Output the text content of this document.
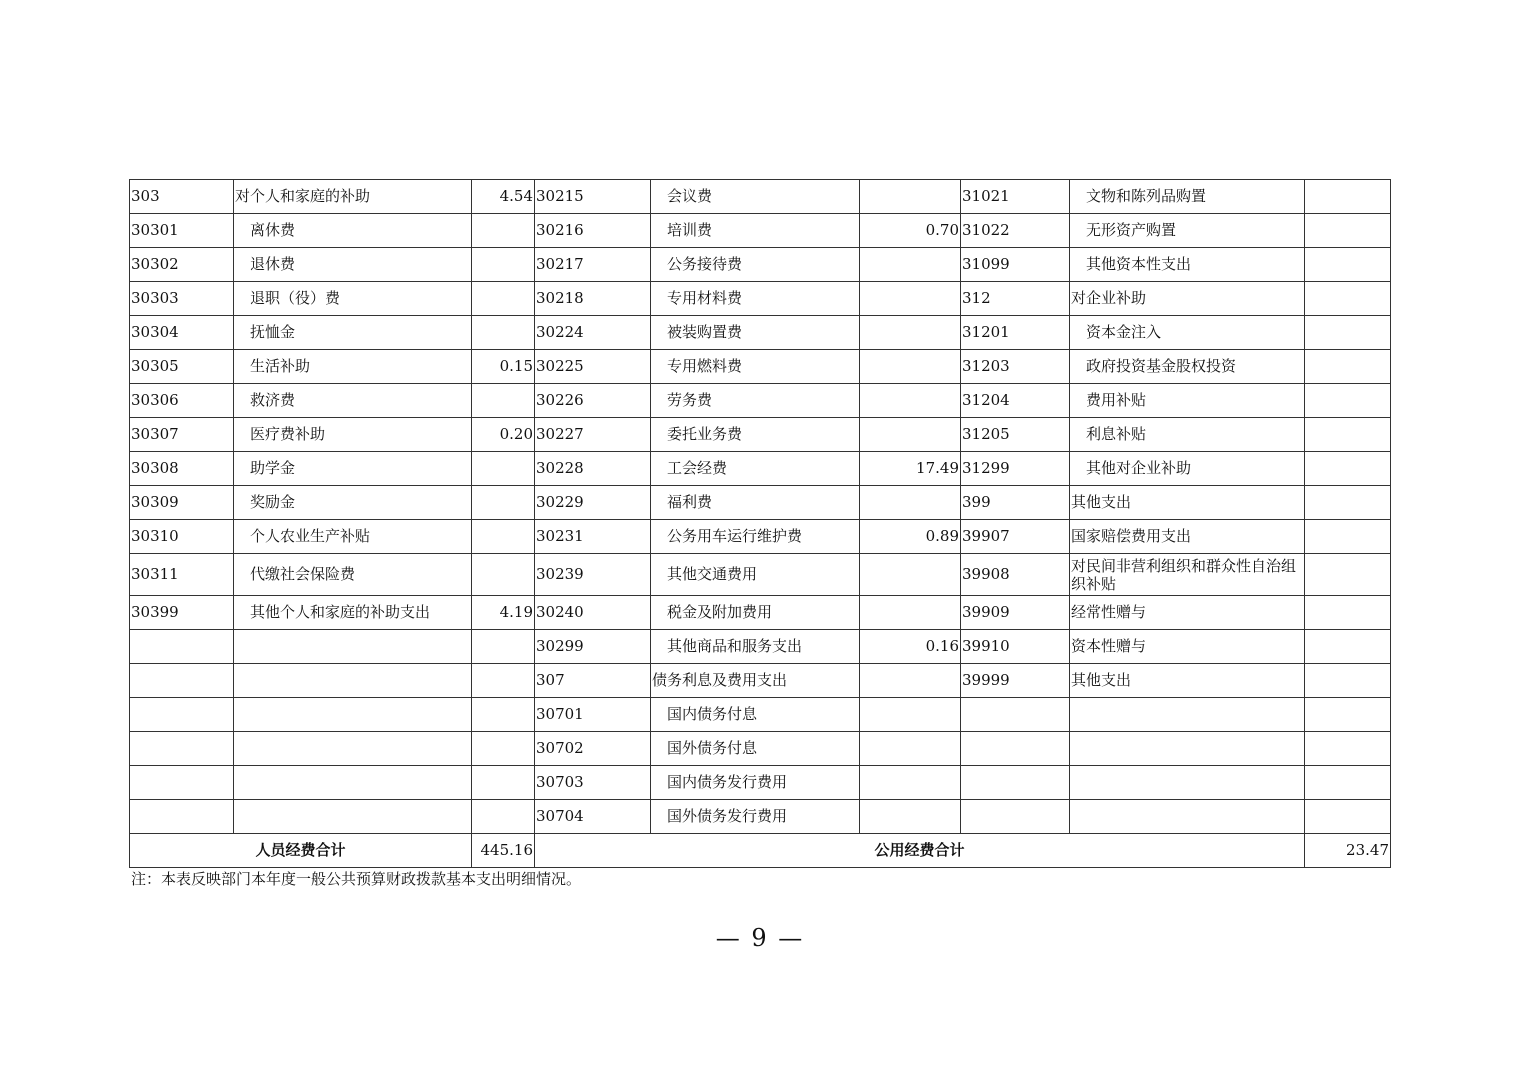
303	对个人和家庭的补助	4.54	30215	会议费		31021	文物和陈列品购置	
30301	离休费		30216	培训费	0.70	31022	无形资产购置	
30302	退休费		30217	公务接待费		31099	其他资本性支出	
30303	退职（役）费		30218	专用材料费		312	对企业补助	
30304	抚恤金		30224	被装购置费		31201	资本金注入	
30305	生活补助	0.15	30225	专用燃料费		31203	政府投资基金股权投资	
30306	救济费		30226	劳务费		31204	费用补贴	
30307	医疗费补助	0.20	30227	委托业务费		31205	利息补贴	
30308	助学金		30228	工会经费	17.49	31299	其他对企业补助	
30309	奖励金		30229	福利费		399	其他支出	
30310	个人农业生产补贴		30231	公务用车运行维护费	0.89	39907	国家赔偿费用支出	
30311	代缴社会保险费		30239	其他交通费用		39908	对民间非营利组织和群众性自治组织补贴	
30399	其他个人和家庭的补助支出	4.19	30240	税金及附加费用		39909	经常性赠与	
			30299	其他商品和服务支出	0.16	39910	资本性赠与	
			307	债务利息及费用支出		39999	其他支出	
			30701	国内债务付息				
			30702	国外债务付息				
			30703	国内债务发行费用				
			30704	国外债务发行费用				
人员经费合计		445.16	公用经费合计					23.47
注：本表反映部门本年度一般公共预算财政拨款基本支出明细情况。
— 9 —
